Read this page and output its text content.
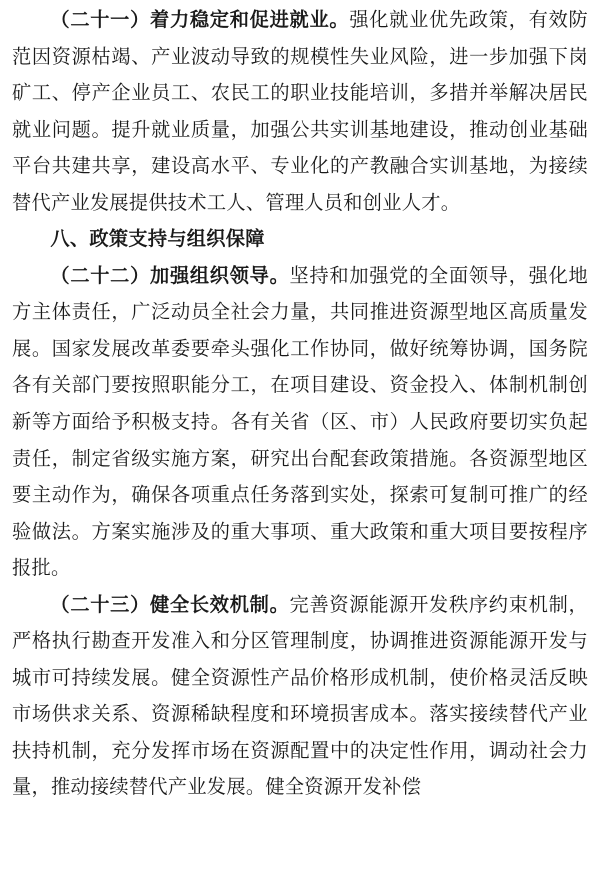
（二十一）着力稳定和促进就业。强化就业优先政策，有效防范因资源枯竭、产业波动导致的规模性失业风险，进一步加强下岗矿工、停产企业员工、农民工的职业技能培训，多措并举解决居民就业问题。提升就业质量，加强公共实训基地建设，推动创业基础平台共建共享，建设高水平、专业化的产教融合实训基地，为接续替代产业发展提供技术工人、管理人员和创业人才。

八、政策支持与组织保障

（二十二）加强组织领导。坚持和加强党的全面领导，强化地方主体责任，广泛动员全社会力量，共同推进资源型地区高质量发展。国家发展改革委要牵头强化工作协同，做好统筹协调，国务院各有关部门要按照职能分工，在项目建设、资金投入、体制机制创新等方面给予积极支持。各有关省（区、市）人民政府要切实负起责任，制定省级实施方案，研究出台配套政策措施。各资源型地区要主动作为，确保各项重点任务落到实处，探索可复制可推广的经验做法。方案实施涉及的重大事项、重大政策和重大项目要按程序报批。

（二十三）健全长效机制。完善资源能源开发秩序约束机制，严格执行勘查开发准入和分区管理制度，协调推进资源能源开发与城市可持续发展。健全资源性产品价格形成机制，使价格灵活反映市场供求关系、资源稀缺程度和环境损害成本。落实接续替代产业扶持机制，充分发挥市场在资源配置中的决定性作用，调动社会力量，推动接续替代产业发展。健全资源开发补偿
